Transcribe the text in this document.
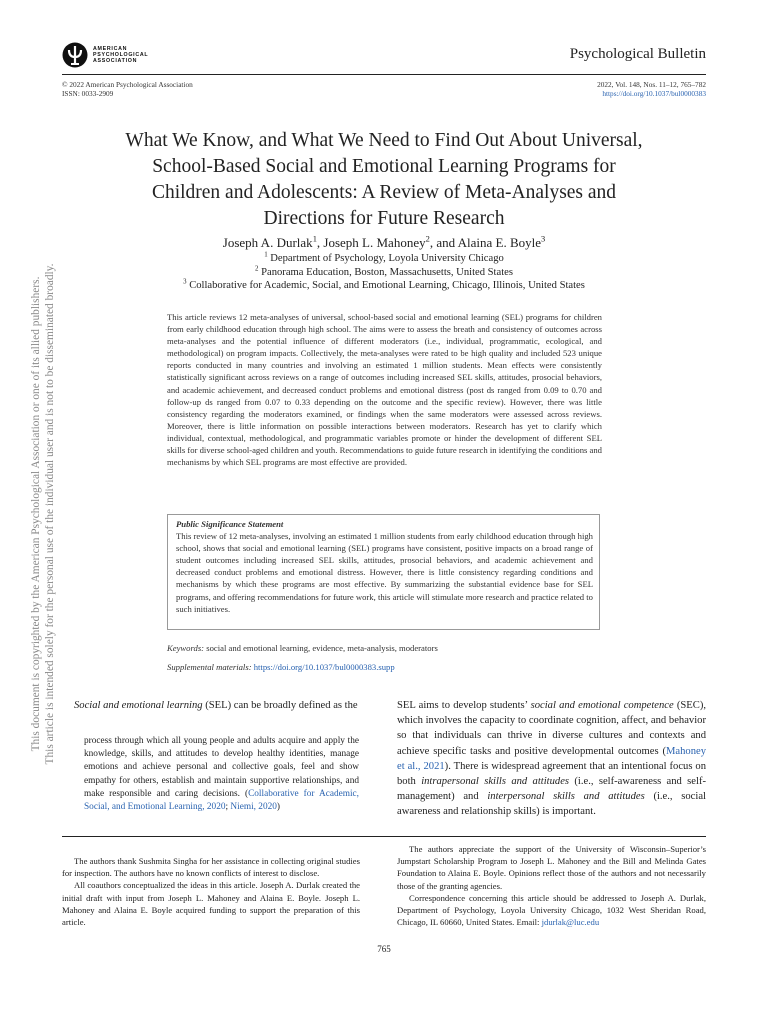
This document is copyrighted by the American Psychological Association or one of its allied publishers. This article is intended solely for the personal use of the individual user and is not to be disseminated broadly.
AMERICAN
PSYCHOLOGICAL
ASSOCIATION	Psychological Bulletin
© 2022 American Psychological Association
ISSN: 0033-2909
2022, Vol. 148, Nos. 11–12, 765–782
https://doi.org/10.1037/bul0000383
What We Know, and What We Need to Find Out About Universal,
School-Based Social and Emotional Learning Programs for
Children and Adolescents: A Review of Meta-Analyses and
Directions for Future Research
Joseph A. Durlak$^1$, Joseph L. Mahoney$^2$, and Alaina E. Boyle$^3$
$^1$ Department of Psychology, Loyola University Chicago
$^2$ Panorama Education, Boston, Massachusetts, United States
$^3$ Collaborative for Academic, Social, and Emotional Learning, Chicago, Illinois, United States
This article reviews 12 meta-analyses of universal, school-based social and emotional learning (SEL) programs for children from early childhood education through high school. The aims were to assess the breath and consistency of outcomes across meta-analyses and the potential influence of different moderators (i.e., individual, programmatic, ecological, and methodological) on program impacts. Collectively, the meta-analyses were rated to be high quality and included 523 unique reports conducted in many countries and involving an estimated 1 million students. Mean effects were consistently statistically significant across reviews on a range of outcomes including increased SEL skills, attitudes, prosocial behaviors, and academic achievement, and decreased conduct problems and emotional distress (post ds ranged from 0.09 to 0.70 and follow-up ds ranged from 0.07 to 0.33 depending on the outcome and the specific review). However, there was little consistency regarding the moderators examined, or findings when the same moderators were assessed across reviews. Moreover, there is little information on possible interactions between moderators. Research has yet to clarify which individual, contextual, methodological, and programmatic variables promote or hinder the development of different SEL skills for diverse school-aged children and youth. Recommendations to guide future research in identifying the conditions and mechanisms by which SEL programs are most effective are provided.
Public Significance Statement
This review of 12 meta-analyses, involving an estimated 1 million students from early childhood education through high school, shows that social and emotional learning (SEL) programs have consistent, positive impacts on a broad range of student outcomes including increased SEL skills, attitudes, prosocial behaviors, and academic achievement and decreased conduct problems and emotional distress. However, there is little consistency regarding conditions and mechanisms by which these programs are most effective. By summarizing the substantial evidence base for SEL programs, and offering recommendations for future work, this article will stimulate more research and practice related to such initiatives.
Keywords: social and emotional learning, evidence, meta-analysis, moderators
Supplemental materials: https://doi.org/10.1037/bul0000383.supp
Social and emotional learning (SEL) can be broadly defined as the
process through which all young people and adults acquire and apply the knowledge, skills, and attitudes to develop healthy identities, manage emotions and achieve personal and collective goals, feel and show empathy for others, establish and maintain supportive relationships, and make responsible and caring decisions. (Collaborative for Academic, Social, and Emotional Learning, 2020; Niemi, 2020)
SEL aims to develop students’ social and emotional competence (SEC), which involves the capacity to coordinate cognition, affect, and behavior so that individuals can thrive in diverse cultures and contexts and achieve specific tasks and positive developmental outcomes (Mahoney et al., 2021). There is widespread agreement that an intentional focus on both intrapersonal skills and attitudes (i.e., self-awareness and self-management) and interpersonal skills and attitudes (i.e., social awareness and relationship skills) is important.

The authors thank Sushmita Singha for her assistance in collecting original studies for inspection. The authors have no known conflicts of interest to disclose.

All coauthors conceptualized the ideas in this article. Joseph A. Durlak created the initial draft with input from Joseph L. Mahoney and Alaina E. Boyle. Joseph L. Mahoney and Alaina E. Boyle acquired funding to support the preparation of this article.

The authors appreciate the support of the University of Wisconsin–Superior’s Jumpstart Scholarship Program to Joseph L. Mahoney and the Bill and Melinda Gates Foundation to Alaina E. Boyle. Opinions reflect those of the authors and not necessarily those of the granting agencies.

Correspondence concerning this article should be addressed to Joseph A. Durlak, Department of Psychology, Loyola University Chicago, 1032 West Sheridan Road, Chicago, IL 60660, United States. Email: jdurlak@luc.edu

765
